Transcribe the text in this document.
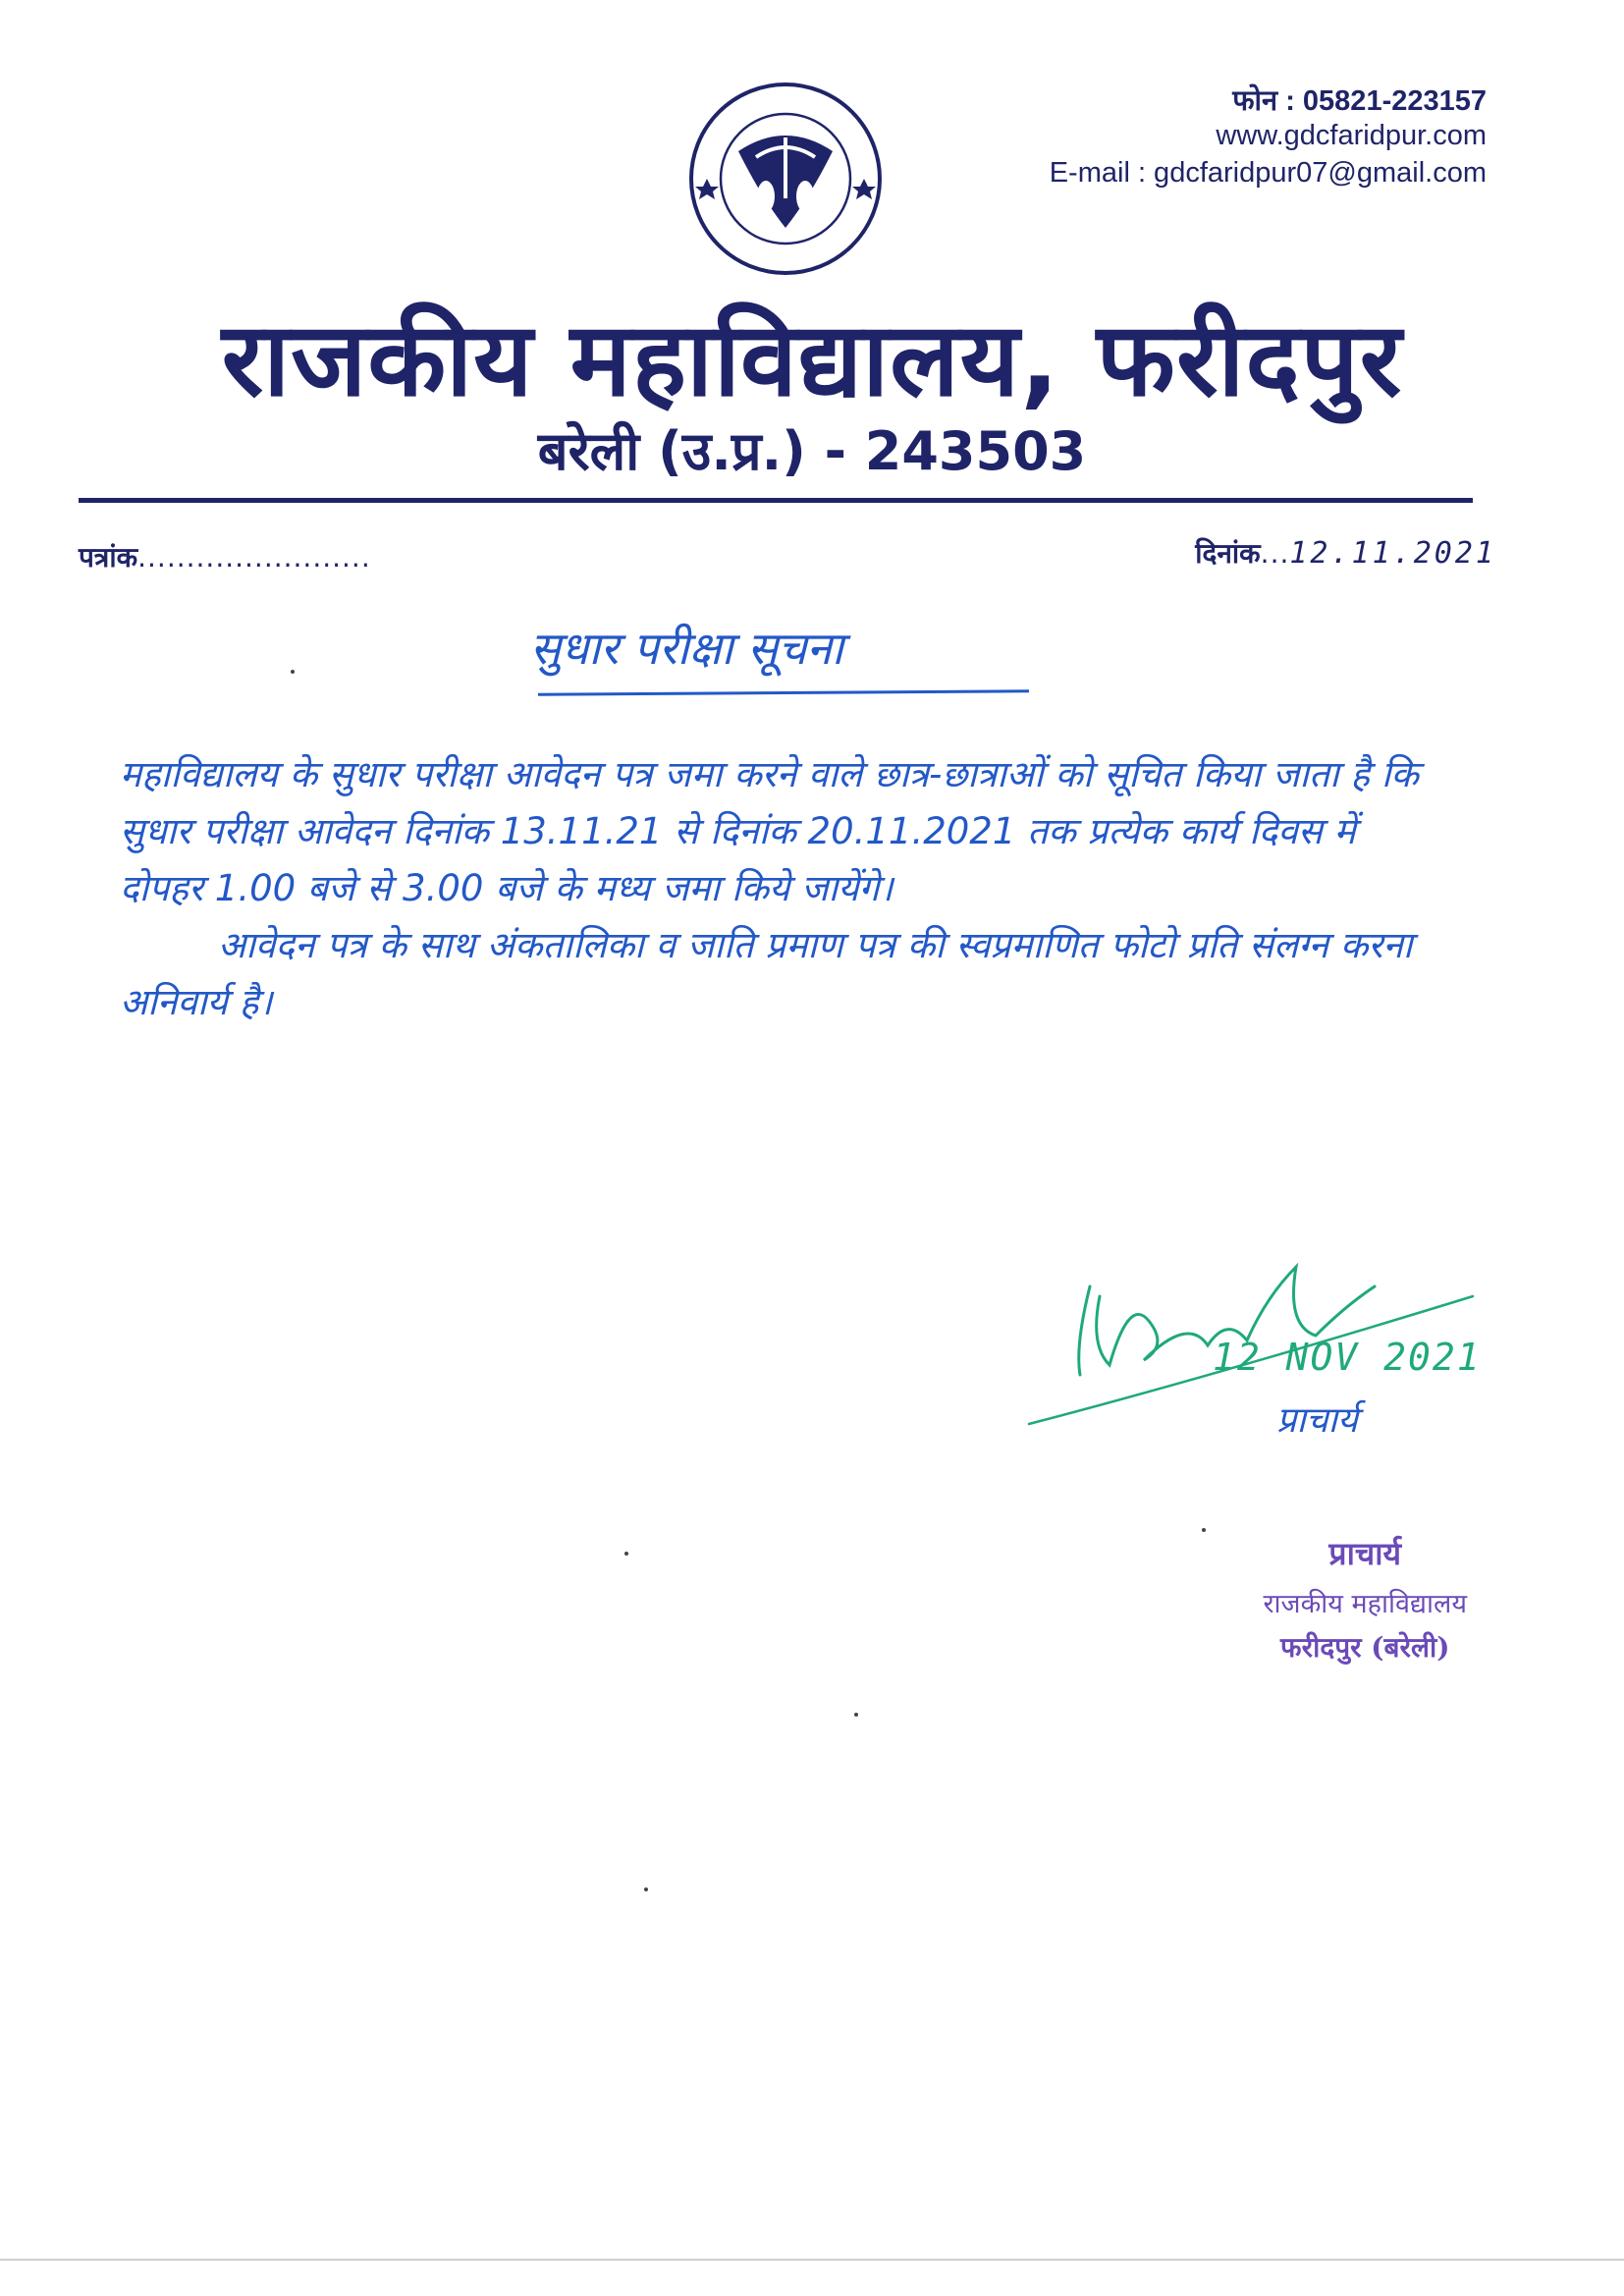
फोन : 05821-223157
www.gdcfaridpur.com
E-mail : gdcfaridpur07@gmail.com
राजकीय महाविद्यालय, फरीदपुर
बरेली (उ.प्र.) - 243503
पत्रांक........................	दिनांक...12.11.2021
सुधार परीक्षा सूचना

महाविद्यालय के सुधार परीक्षा आवेदन पत्र जमा करने वाले छात्र-छात्राओं को सूचित किया जाता है कि सुधार परीक्षा आवेदन दिनांक 13.11.21 से दिनांक 20.11.2021 तक प्रत्येक कार्य दिवस में दोपहर 1.00 बजे से 3.00 बजे के मध्य जमा किये जायेंगे।

आवेदन पत्र के साथ अंकतालिका व जाति प्रमाण पत्र की स्वप्रमाणित फोटो प्रति संलग्न करना अनिवार्य है।

12 NOV 2021
प्राचार्य
प्राचार्य
राजकीय महाविद्यालय
फरीदपुर (बरेली)
